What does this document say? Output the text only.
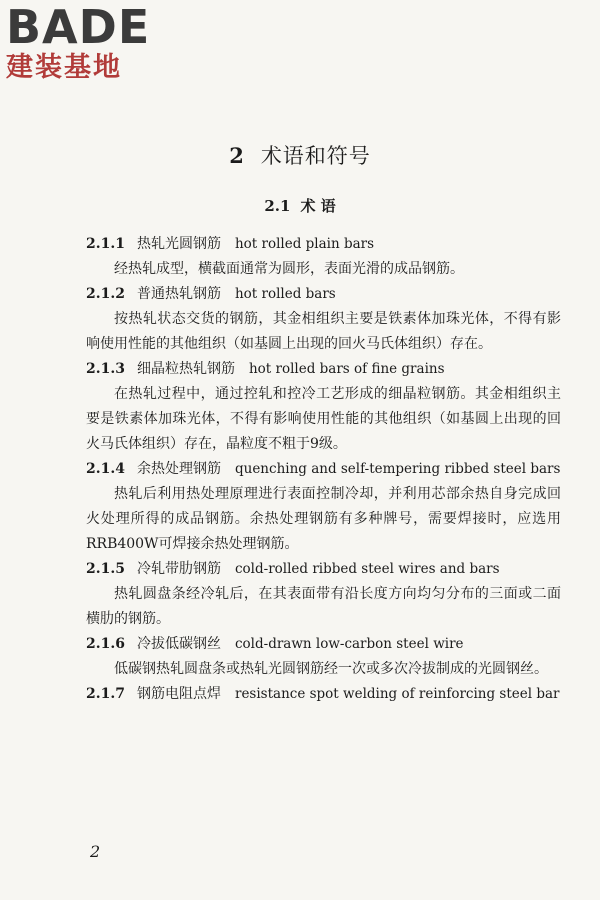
BADE
建装基地
2 术语和符号
2.1 术 语
2.1.1 热轧光圆钢筋 hot rolled plain bars
经热轧成型，横截面通常为圆形，表面光滑的成品钢筋。
2.1.2 普通热轧钢筋 hot rolled bars
按热轧状态交货的钢筋，其金相组织主要是铁素体加珠光体，不得有影响使用性能的其他组织（如基圆上出现的回火马氏体组织）存在。
2.1.3 细晶粒热轧钢筋 hot rolled bars of fine grains
在热轧过程中，通过控轧和控冷工艺形成的细晶粒钢筋。其金相组织主要是铁素体加珠光体，不得有影响使用性能的其他组织（如基圆上出现的回火马氏体组织）存在，晶粒度不粗于9级。
2.1.4 余热处理钢筋 quenching and self-tempering ribbed steel bars
热轧后利用热处理原理进行表面控制冷却，并利用芯部余热自身完成回火处理所得的成品钢筋。余热处理钢筋有多种牌号，需要焊接时，应选用RRB400W可焊接余热处理钢筋。
2.1.5 冷轧带肋钢筋 cold-rolled ribbed steel wires and bars
热轧圆盘条经冷轧后，在其表面带有沿长度方向均匀分布的三面或二面横肋的钢筋。
2.1.6 冷拔低碳钢丝 cold-drawn low-carbon steel wire
低碳钢热轧圆盘条或热轧光圆钢筋经一次或多次冷拔制成的光圆钢丝。
2.1.7 钢筋电阻点焊 resistance spot welding of reinforcing steel bar
2
